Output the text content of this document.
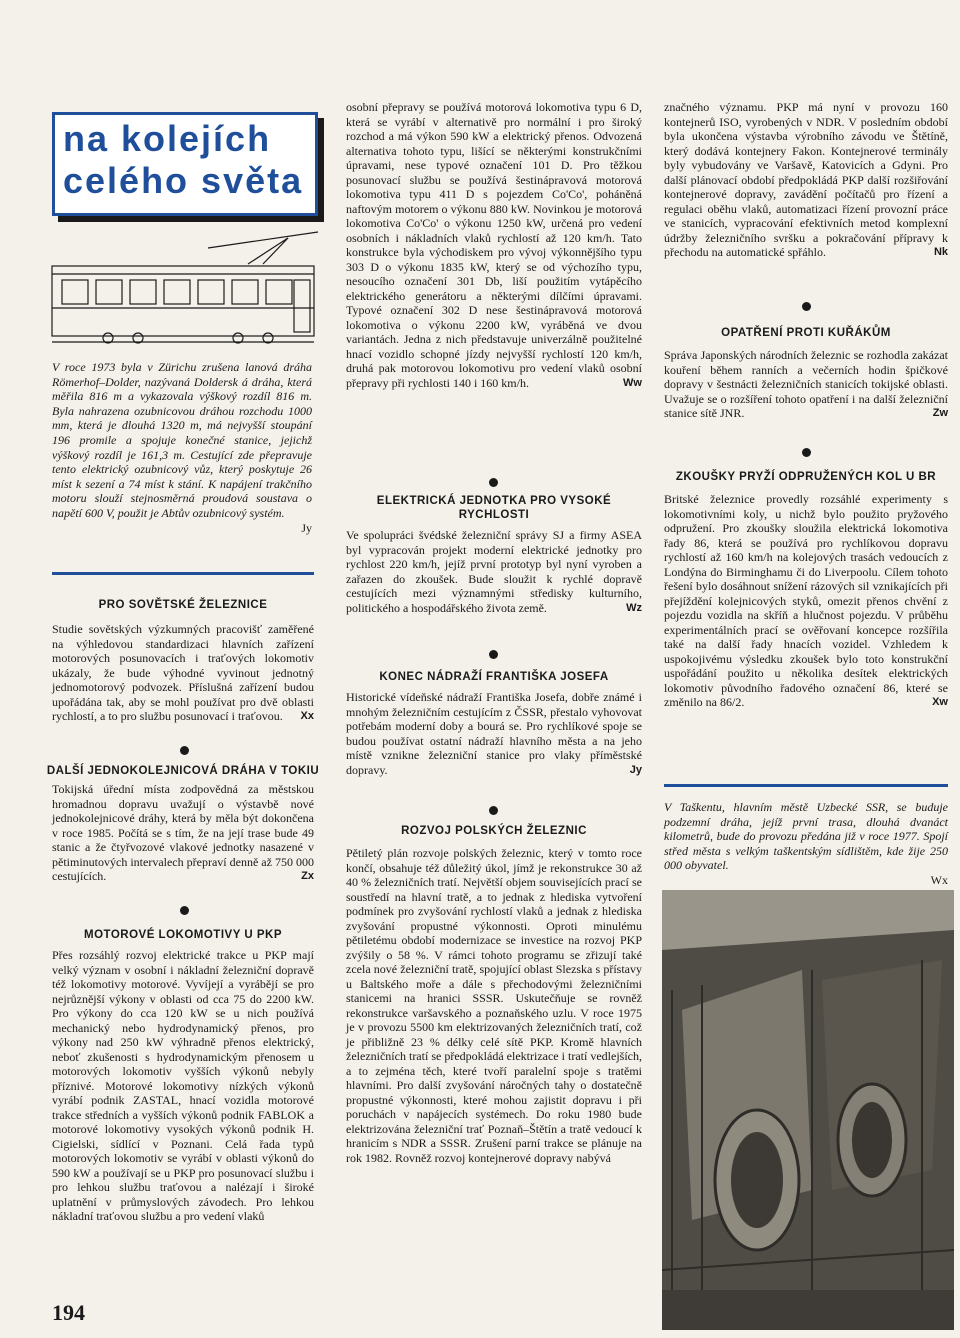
na kolejích
celého světa
V roce 1973 byla v Zürichu zrušena lanová dráha Römerhof–Dolder, nazývaná Doldersk á dráha, která měřila 816 m a vykazovala výškový rozdíl 816 m. Byla nahrazena ozubnicovou dráhou rozchodu 1000 mm, která je dlouhá 1320 m, má nejvyšší stoupání 196 promile a spojuje konečné stanice, jejichž výškový rozdíl je 161,3 m. Cestující zde přepravuje tento elektrický ozubnicový vůz, který poskytuje 26 míst k sezení a 74 míst k stání. K napájení trakčního motoru slouží stejnosměrná proudová soustava o napětí 600 V, použit je Abtův ozubnicový systém.
Jy
PRO SOVĚTSKÉ ŽELEZNICE
Studie sovětských výzkumných pracovišť zaměřené na výhledovou standardizaci hlavních zařízení motorových posunovacích i traťových lokomotiv ukázaly, že bude výhodné vyvinout jednotný jednomotorový podvozek. Příslušná zařízení budou upořádána tak, aby se mohl používat pro dvě oblasti rychlostí, a to pro službu posunovací i traťovou. Xx
DALŠÍ JEDNOKOLEJNICOVÁ DRÁHA V TOKIU
Tokijská úřední místa zodpovědná za městskou hromadnou dopravu uvažují o výstavbě nové jednokolejnicové dráhy, která by měla být dokončena v roce 1985. Počítá se s tím, že na její trase bude 49 stanic a že čtyřvozové vlakové jednotky nasazené v pětiminutových intervalech přepraví denně až 750 000 cestujících.	Zx
MOTOROVÉ LOKOMOTIVY U PKP
Přes rozsáhlý rozvoj elektrické trakce u PKP mají velký význam v osobní i nákladní železniční dopravě též lokomotivy motorové. Vyvíjejí a vyrábějí se pro nejrůznější výkony v oblasti od cca 75 do 2200 kW. Pro výkony do cca 120 kW se u nich používá mechanický nebo hydrodynamický přenos, pro výkony nad 250 kW výhradně přenos elektrický, neboť zkušenosti s hydrodynamickým přenosem u motorových lokomotiv vyšších výkonů nebyly příznivé. Motorové lokomotivy nízkých výkonů vyrábí podnik ZASTAL, hnací vozidla motorové trakce středních a vyšších výkonů podnik FABLOK a motorové lokomotivy vysokých výkonů podnik H. Cigielski, sídlící v Poznani. Celá řada typů motorových lokomotiv se vyrábí v oblasti výkonů do 590 kW a používají se u PKP pro posunovací službu i pro lehkou službu traťovou a nalézají i široké uplatnění v průmyslových závodech. Pro lehkou nákladní traťovou službu a pro vedení vlaků
194
osobní přepravy se používá motorová lokomotiva typu 6 D, která se vyrábí v alternativě pro normální i pro široký rozchod a má výkon 590 kW a elektrický přenos. Odvozená alternativa tohoto typu, lišící se některými konstrukčními úpravami, nese typové označení 101 D. Pro těžkou posunovací službu se používá šestinápravová motorová lokomotiva typu 411 D s pojezdem Co'Co', poháněná naftovým motorem o výkonu 880 kW. Novinkou je motorová lokomotiva Co'Co' o výkonu 1250 kW, určená pro vedení osobních i nákladních vlaků rychlostí až 120 km/h. Tato konstrukce byla východiskem pro vývoj výkonnějšího typu 303 D o výkonu 1835 kW, který se od výchozího typu, nesoucího označení 301 Db, liší použitím vytápěcího elektrického generátoru a některými dílčími úpravami. Typové označení 302 D nese šestinápravová motorová lokomotiva o výkonu 2200 kW, vyráběná ve dvou variantách. Jedna z nich představuje univerzálně použitelné hnací vozidlo schopné jízdy nejvyšší rychlostí 120 km/h, druhá pak motorovou lokomotivu pro vedení vlaků osobní přepravy při rychlosti 140 i 160 km/h.	Ww
ELEKTRICKÁ JEDNOTKA PRO VYSOKÉ RYCHLOSTI
Ve spolupráci švédské železniční správy SJ a firmy ASEA byl vypracován projekt moderní elektrické jednotky pro rychlost 220 km/h, jejíž první prototyp byl nyní vyroben a zařazen do zkoušek. Bude sloužit k rychlé dopravě cestujících mezi významnými středisky kulturního, politického a hospodářského života země.	Wz
KONEC NÁDRAŽÍ FRANTIŠKA JOSEFA
Historické vídeňské nádraží Františka Josefa, dobře známé i mnohým železničním cestujícím z ČSSR, přestalo vyhovovat potřebám moderní doby a bourá se. Pro rychlíkové spoje se budou používat ostatní nádraží hlavního města a na jeho místě vznikne železniční stanice pro vlaky příměstské dopravy.	Jy
ROZVOJ POLSKÝCH ŽELEZNIC
Pětiletý plán rozvoje polských železnic, který v tomto roce končí, obsahuje též důležitý úkol, jímž je rekonstrukce 30 až 40 % železničních tratí. Největší objem souvisejících prací se soustředí na hlavní tratě, a to jednak z hlediska vytvoření podmínek pro zvyšování rychlostí vlaků a jednak z hlediska zvyšování propustné výkonnosti. Oproti minulému pětiletému období modernizace se investice na rozvoj PKP zvýšily o 58 %. V rámci tohoto programu se zřizují také zcela nové železniční tratě, spojující oblast Slezska s přístavy u Baltského moře a dále s přechodovými železničními stanicemi na hranici SSSR. Uskutečňuje se rovněž rekonstrukce varšavského a poznaňského uzlu. V roce 1975 je v provozu 5500 km elektrizovaných železničních tratí, což je přibližně 23 % délky celé sítě PKP. Kromě hlavních železničních tratí se předpokládá elektrizace i tratí vedlejších, a to zejména těch, které tvoří paralelní spoje s tratěmi hlavními. Pro další zvyšování náročných tahy o dostatečně propustné výkonnosti, které mohou zajistit dopravu i při poruchách v napájecích systémech. Do roku 1980 bude elektrizována železniční trať Poznaň–Štětín a tratě vedoucí k hranicím s NDR a SSSR. Zrušení parní trakce se plánuje na rok 1982. Rovněž rozvoj kontejnerové dopravy nabývá
značného významu. PKP má nyní v provozu 160 kontejnerů ISO, vyrobených v NDR. V posledním období byla ukončena výstavba výrobního závodu ve Štětíně, který dodává kontejnery Fakon. Kontejnerové terminály byly vybudovány ve Varšavě, Katovicích a Gdyni. Pro další plánovací období předpokládá PKP další rozšiřování kontejnerové dopravy, zavádění počítačů pro řízení a regulaci oběhu vlaků, automatizaci řízení provozní práce ve stanicích, vypracování efektivních metod komplexní údržby železničního svršku a pokračování přípravy k přechodu na automatické spřáhlo.	Nk
OPATŘENÍ PROTI KUŘÁKŮM
Správa Japonských národních železnic se rozhodla zakázat kouření během ranních a večerních hodin špičkové dopravy v šestnácti železničních stanicích tokijské oblasti. Uvažuje se o rozšíření tohoto opatření i na další železniční stanice sítě JNR.	Zw
ZKOUŠKY PRYŽÍ ODPRUŽENÝCH KOL U BR
Britské železnice provedly rozsáhlé experimenty s lokomotivními koly, u nichž bylo použito pryžového odpružení. Pro zkoušky sloužila elektrická lokomotiva řady 86, která se používá pro rychlíkovou dopravu rychlostí až 160 km/h na kolejových trasách vedoucích z Londýna do Birminghamu či do Liverpoolu. Cílem tohoto řešení bylo dosáhnout snížení rázových sil vznikajících při přejíždění kolejnicových styků, omezit přenos chvění z pojezdu vozidla na skříň a hlučnost pojezdu. V průběhu experimentálních prací se ověřovaní koncepce rozšířila také na další řady hnacích vozidel. Vzhledem k uspokojivému výsledku zkoušek bylo toto konstrukční uspořádání použito u několika desítek elektrických lokomotiv původního řadového označení 86, které se změnilo na 86/2.	Xw
V Taškentu, hlavním městě Uzbecké SSR, se buduje podzemní dráha, jejíž první trasa, dlouhá dvanáct kilometrů, bude do provozu předána již v roce 1977. Spojí střed města s velkým taškentským sídlištěm, kde žije 250 000 obyvatel.
Wx
